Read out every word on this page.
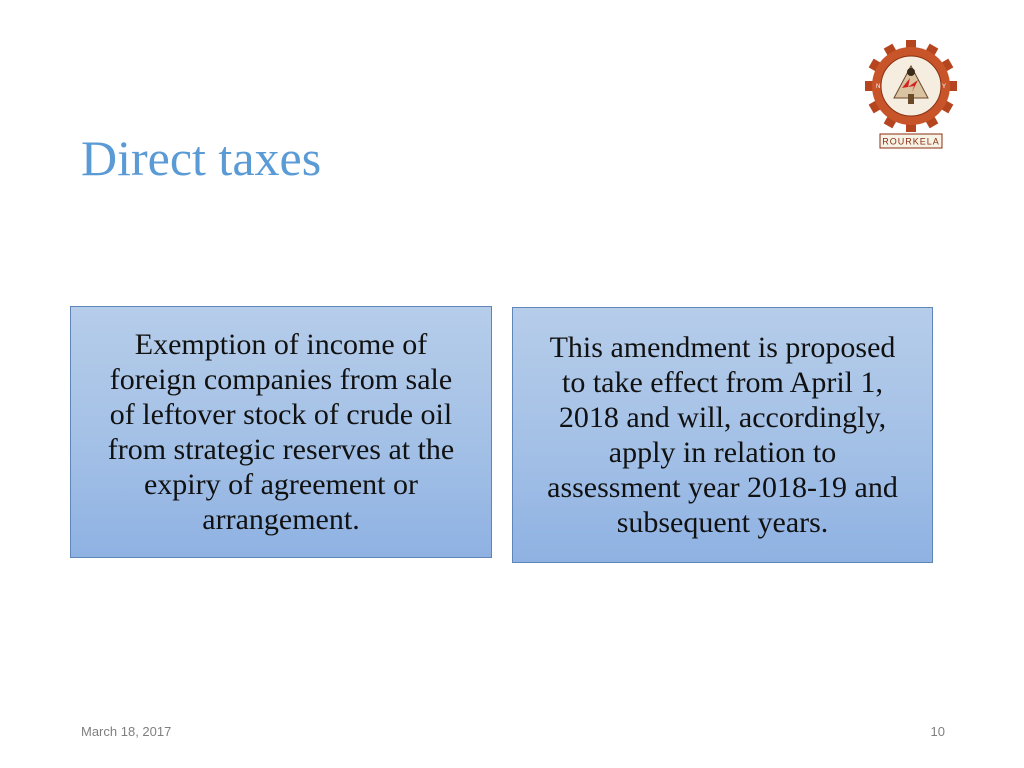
Direct taxes
N	Y
ROURKELA
Exemption of income of
foreign companies from sale
of leftover stock of crude oil
from strategic reserves at the
expiry of agreement or
arrangement.
This amendment is proposed
to take effect from April 1,
2018 and will, accordingly,
apply in relation to
assessment year 2018-19 and
subsequent years.
March 18, 2017	10
